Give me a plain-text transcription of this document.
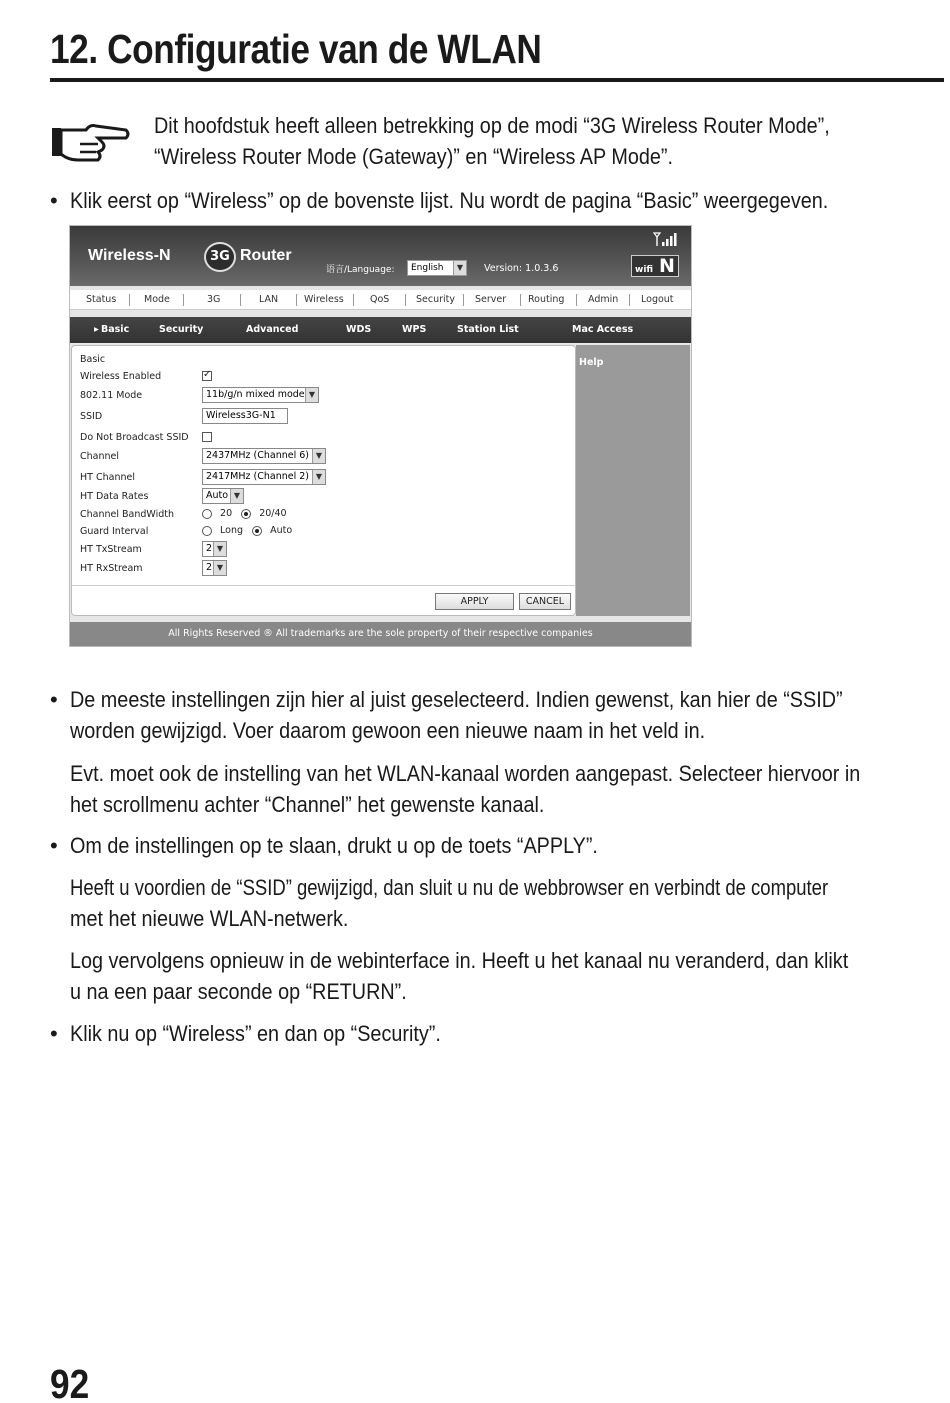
12. Configuratie van de WLAN
Dit hoofdstuk heeft alleen betrekking op de modi “3G Wireless Router Mode”,
“Wireless Router Mode (Gateway)” en “Wireless AP Mode”.
• Klik eerst op “Wireless” op de bovenste lijst. Nu wordt de pagina “Basic” weergegeven.
Wireless-N	3G Router
语言/Language:	English	▼	Version: 1.0.3.6	wifi N
Status	Mode	3G	LAN	Wireless	QoS	Security Server Routing Admin Logout
▸ Basic	Security	Advanced	WDS	WPS	Station List	Mac Access
Basic
Wireless Enabled	✓
802.11 Mode	11b/g/n mixed mode ▼
SSID	Wireless3G-N1
Do Not Broadcast SSID
Channel	2437MHz (Channel 6) ▼
HT Channel	2417MHz (Channel 2) ▼
HT Data Rates	Auto ▼
Channel BandWidth	20	20/40
Guard Interval	Long	Auto
HT TxStream	2 ▼
HT RxStream	2 ▼
APPLY	CANCEL
Help
All Rights Reserved ® All trademarks are the sole property of their respective companies
• De meeste instellingen zijn hier al juist geselecteerd. Indien gewenst, kan hier de “SSID”
worden gewijzigd. Voer daarom gewoon een nieuwe naam in het veld in.
Evt. moet ook de instelling van het WLAN-kanaal worden aangepast. Selecteer hiervoor in
het scrollmenu achter “Channel” het gewenste kanaal.
• Om de instellingen op te slaan, drukt u op de toets “APPLY”.
Heeft u voordien de “SSID” gewijzigd, dan sluit u nu de webbrowser en verbindt de computer
met het nieuwe WLAN-netwerk.
Log vervolgens opnieuw in de webinterface in. Heeft u het kanaal nu veranderd, dan klikt
u na een paar seconde op “RETURN”.
• Klik nu op “Wireless” en dan op “Security”.
92
